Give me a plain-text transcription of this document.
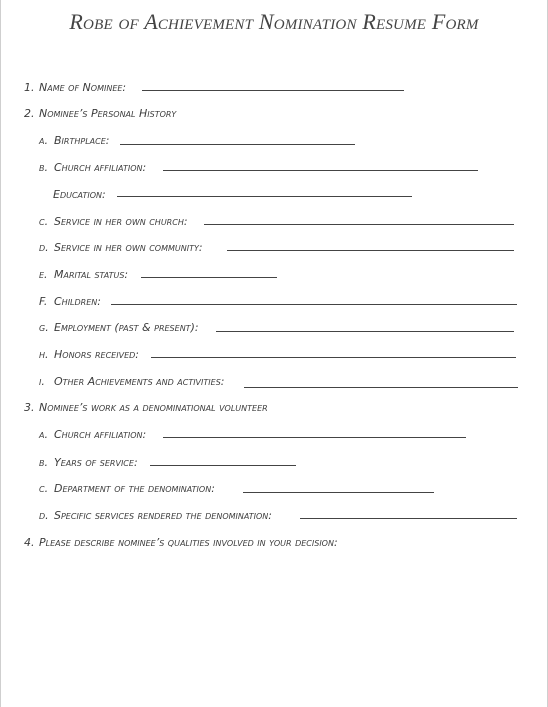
Robe of Achievement Nomination Resume Form
1. Name of Nominee:
2. Nominee’s Personal History
a. Birthplace:
b. Church affiliation:
Education:
c. Service in her own church:
d. Service in her own community:
e. Marital status:
F. Children:
g. Employment (past & present):
h. Honors received:
i. Other Achievements and activities:
3. Nominee’s work as a denominational volunteer
a. Church affiliation:
b. Years of service:
c. Department of the denomination:
d. Specific services rendered the denomination:
4. Please describe nominee’s qualities involved in your decision:
